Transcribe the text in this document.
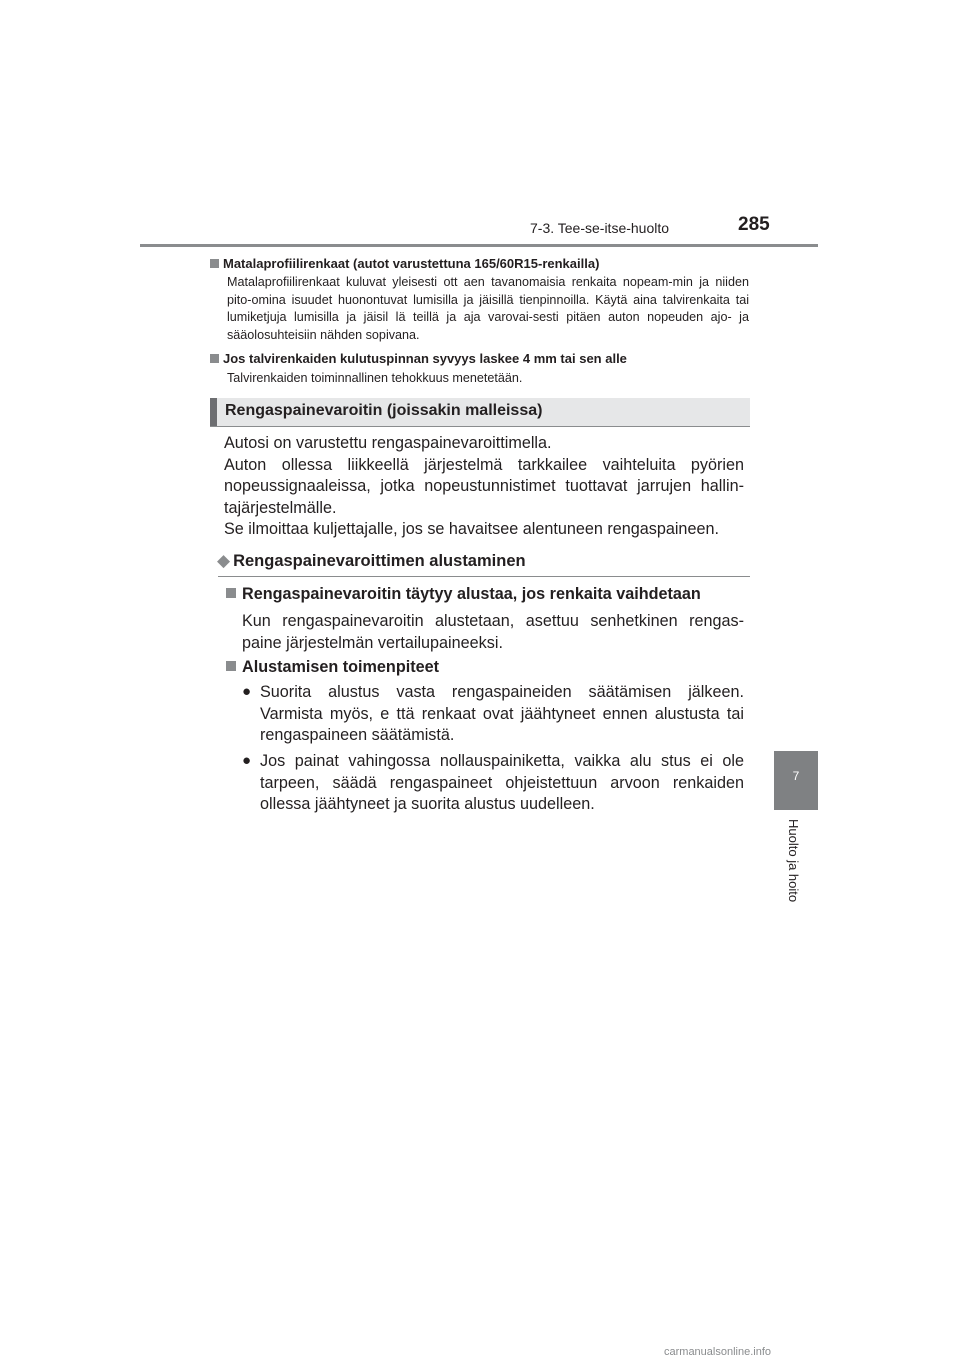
7-3. Tee-se-itse-huolto	285
7
Huolto ja hoito
Matalaprofiilirenkaat (autot varustettuna 165/60R15-renkailla)
Matalaprofiilirenkaat kuluvat yleisesti ott aen tavanomaisia renkaita nopeam-min ja niiden pito-omina isuudet huonontuvat lumisilla ja jäisillä tienpinnoilla. Käytä aina talvirenkaita tai lumiketjuja lumisilla ja jäisil lä teillä ja aja varovai-sesti pitäen auton nopeuden ajo- ja sääolosuhteisiin nähden sopivana.
Jos talvirenkaiden kulutuspinnan syvyys laskee 4 mm tai sen alle
Talvirenkaiden toiminnallinen tehokkuus menetetään.
Rengaspainevaroitin (joissakin malleissa)
Autosi on varustettu rengaspainevaroittimella.
Auton ollessa liikkeellä järjestelmä tarkkailee vaihteluita pyörien nopeussignaaleissa, jotka nopeustunnistimet tuottavat jarrujen hallin-tajärjestelmälle.
Se ilmoittaa kuljettajalle, jos se havaitsee alentuneen rengaspaineen.
◆ Rengaspainevaroittimen alustaminen
Rengaspainevaroitin täytyy alustaa, jos renkaita vaihdetaan
Kun rengaspainevaroitin alustetaan, asettuu senhetkinen rengas-paine järjestelmän vertailupaineeksi.
Alustamisen toimenpiteet
● Suorita alustus vasta rengaspaineiden säätämisen jälkeen. Varmista myös, e ttä renkaat ovat jäähtyneet ennen alustusta tai rengaspaineen säätämistä.
● Jos painat vahingossa nollauspainiketta, vaikka alu stus ei ole tarpeen, säädä rengaspaineet ohjeistettuun arvoon renkaiden ollessa jäähtyneet ja suorita alustus uudelleen.
carmanualsonline.info
